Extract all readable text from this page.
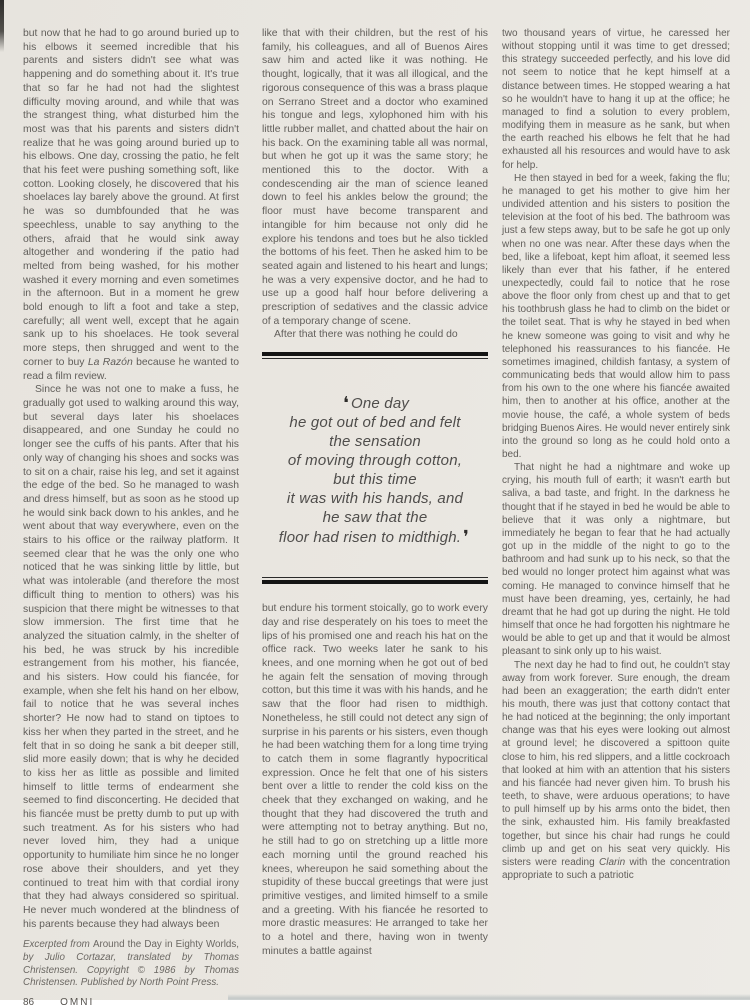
but now that he had to go around buried up to his elbows it seemed incredible that his parents and sisters didn't see what was happening and do something about it. It's true that so far he had not had the slightest difficulty moving around, and while that was the strangest thing, what disturbed him the most was that his parents and sisters didn't realize that he was going around buried up to his elbows. One day, crossing the patio, he felt that his feet were pushing something soft, like cotton. Looking closely, he discovered that his shoelaces lay barely above the ground. At first he was so dumbfounded that he was speechless, unable to say anything to the others, afraid that he would sink away altogether and wondering if the patio had melted from being washed, for his mother washed it every morning and even sometimes in the afternoon. But in a moment he grew bold enough to lift a foot and take a step, carefully; all went well, except that he again sank up to his shoelaces. He took several more steps, then shrugged and went to the corner to buy La Razón because he wanted to read a film review.

Since he was not one to make a fuss, he gradually got used to walking around this way, but several days later his shoelaces disappeared, and one Sunday he could no longer see the cuffs of his pants. After that his only way of changing his shoes and socks was to sit on a chair, raise his leg, and set it against the edge of the bed. So he managed to wash and dress himself, but as soon as he stood up he would sink back down to his ankles, and he went about that way everywhere, even on the stairs to his office or the railway platform. It seemed clear that he was the only one who noticed that he was sinking little by little, but what was intolerable (and therefore the most difficult thing to mention to others) was his suspicion that there might be witnesses to that slow immersion. The first time that he analyzed the situation calmly, in the shelter of his bed, he was struck by his incredible estrangement from his mother, his fiancée, and his sisters. How could his fiancée, for example, when she felt his hand on her elbow, fail to notice that he was several inches shorter? He now had to stand on tiptoes to kiss her when they parted in the street, and he felt that in so doing he sank a bit deeper still, slid more easily down; that is why he decided to kiss her as little as possible and limited himself to little terms of endearment she seemed to find disconcerting. He decided that his fiancée must be pretty dumb to put up with such treatment. As for his sisters who had never loved him, they had a unique opportunity to humiliate him since he no longer rose above their shoulders, and yet they continued to treat him with that cordial irony that they had always considered so spiritual. He never much wondered at the blindness of his parents because they had always been

Excerpted from Around the Day in Eighty Worlds, by Julio Cortazar, translated by Thomas Christensen. Copyright © 1986 by Thomas Christensen. Published by North Point Press.
86	OMNI

like that with their children, but the rest of his family, his colleagues, and all of Buenos Aires saw him and acted like it was nothing. He thought, logically, that it was all illogical, and the rigorous consequence of this was a brass plaque on Serrano Street and a doctor who examined his tongue and legs, xylophoned him with his little rubber mallet, and chatted about the hair on his back. On the examining table all was normal, but when he got up it was the same story; he mentioned this to the doctor. With a condescending air the man of science leaned down to feel his ankles below the ground; the floor must have become transparent and intangible for him because not only did he explore his tendons and toes but he also tickled the bottoms of his feet. Then he asked him to be seated again and listened to his heart and lungs; he was a very expensive doctor, and he had to use up a good half hour before delivering a prescription of sedatives and the classic advice of a temporary change of scene.

After that there was nothing he could do

❛ One day
he got out of bed and felt
the sensation
of moving through cotton,
but this time
it was with his hands, and
he saw that the
floor had risen to midthigh. ❜

but endure his torment stoically, go to work every day and rise desperately on his toes to meet the lips of his promised one and reach his hat on the office rack. Two weeks later he sank to his knees, and one morning when he got out of bed he again felt the sensation of moving through cotton, but this time it was with his hands, and he saw that the floor had risen to midthigh. Nonetheless, he still could not detect any sign of surprise in his parents or his sisters, even though he had been watching them for a long time trying to catch them in some flagrantly hypocritical expression. Once he felt that one of his sisters bent over a little to render the cold kiss on the cheek that they exchanged on waking, and he thought that they had discovered the truth and were attempting not to betray anything. But no, he still had to go on stretching up a little more each morning until the ground reached his knees, whereupon he said something about the stupidity of these buccal greetings that were just primitive vestiges, and limited himself to a smile and a greeting. With his fiancée he resorted to more drastic measures: He arranged to take her to a hotel and there, having won in twenty minutes a battle against

two thousand years of virtue, he caressed her without stopping until it was time to get dressed; this strategy succeeded perfectly, and his love did not seem to notice that he kept himself at a distance between times. He stopped wearing a hat so he wouldn't have to hang it up at the office; he managed to find a solution to every problem, modifying them in measure as he sank, but when the earth reached his elbows he felt that he had exhausted all his resources and would have to ask for help.

He then stayed in bed for a week, faking the flu; he managed to get his mother to give him her undivided attention and his sisters to position the television at the foot of his bed. The bathroom was just a few steps away, but to be safe he got up only when no one was near. After these days when the bed, like a lifeboat, kept him afloat, it seemed less likely than ever that his father, if he entered unexpectedly, could fail to notice that he rose above the floor only from chest up and that to get his toothbrush glass he had to climb on the bidet or the toilet seat. That is why he stayed in bed when he knew someone was going to visit and why he telephoned his reassurances to his fiancée. He sometimes imagined, childish fantasy, a system of communicating beds that would allow him to pass from his own to the one where his fiancée awaited him, then to another at his office, another at the movie house, the café, a whole system of beds bridging Buenos Aires. He would never entirely sink into the ground so long as he could hold onto a bed.

That night he had a nightmare and woke up crying, his mouth full of earth; it wasn't earth but saliva, a bad taste, and fright. In the darkness he thought that if he stayed in bed he would be able to believe that it was only a nightmare, but immediately he began to fear that he had actually got up in the middle of the night to go to the bathroom and had sunk up to his neck, so that the bed would no longer protect him against what was coming. He managed to convince himself that he must have been dreaming, yes, certainly, he had dreamt that he had got up during the night. He told himself that once he had forgotten his nightmare he would be able to get up and that it would be almost pleasant to sink only up to his waist.

The next day he had to find out, he couldn't stay away from work forever. Sure enough, the dream had been an exaggeration; the earth didn't enter his mouth, there was just that cottony contact that he had noticed at the beginning; the only important change was that his eyes were looking out almost at ground level; he discovered a spittoon quite close to him, his red slippers, and a little cockroach that looked at him with an attention that his sisters and his fiancée had never given him. To brush his teeth, to shave, were arduous operations; to have to pull himself up by his arms onto the bidet, then the sink, exhausted him. His family breakfasted together, but since his chair had rungs he could climb up and get on his seat very quickly. His sisters were reading Clarin with the concentration appropriate to such a patriotic
